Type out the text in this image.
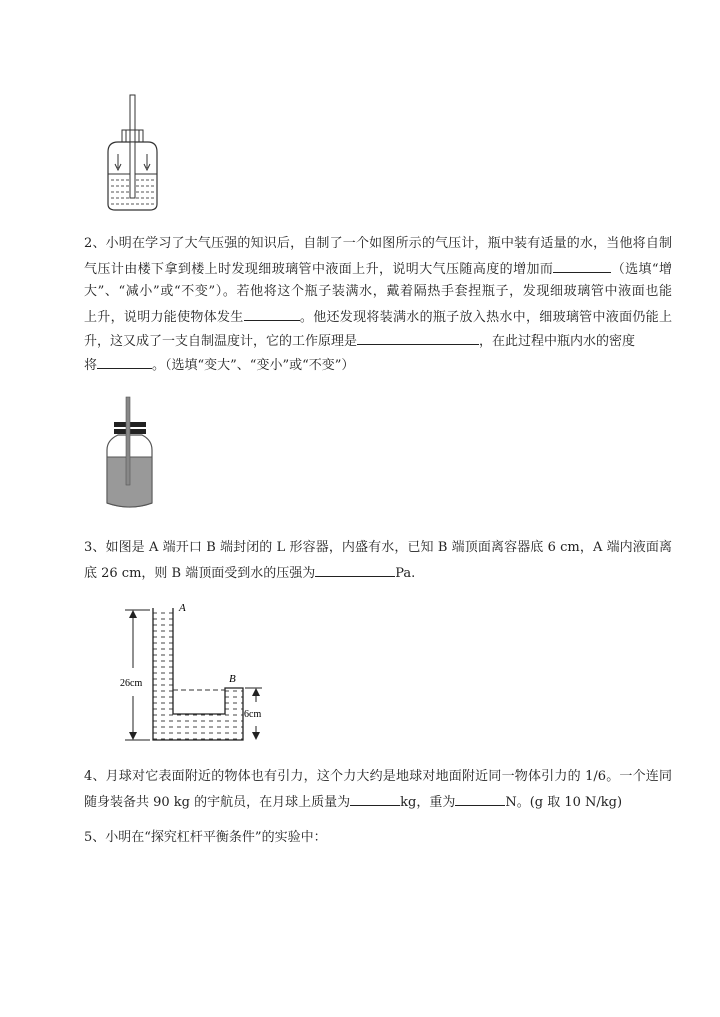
A
B
26cm
6cm
2、小明在学习了大气压强的知识后，自制了一个如图所示的气压计，瓶中装有适量的水，当他将自制
气压计由楼下拿到楼上时发现细玻璃管中液面上升，说明大气压随高度的增加而	（选填“增
大”、“减小”或“不变”）。若他将这个瓶子装满水，戴着隔热手套捏瓶子，发现细玻璃管中液面也能
上升，说明力能使物体发生	。他还发现将装满水的瓶子放入热水中，细玻璃管中液面仍能上
升，这又成了一支自制温度计，它的工作原理是	，在此过程中瓶内水的密度
将	。（选填“变大”、“变小”或“不变”）
3、如图是 A 端开口 B 端封闭的 L 形容器，内盛有水，已知 B 端顶面离容器底 6 cm，A 端内液面离
底 26 cm，则 B 端顶面受到水的压强为	Pa.
4、月球对它表面附近的物体也有引力，这个力大约是地球对地面附近同一物体引力的 1/6。一个连同
随身装备共 90 kg 的宇航员，在月球上质量为	kg，重为	N。(g 取 10 N/kg)
5、小明在“探究杠杆平衡条件”的实验中：
